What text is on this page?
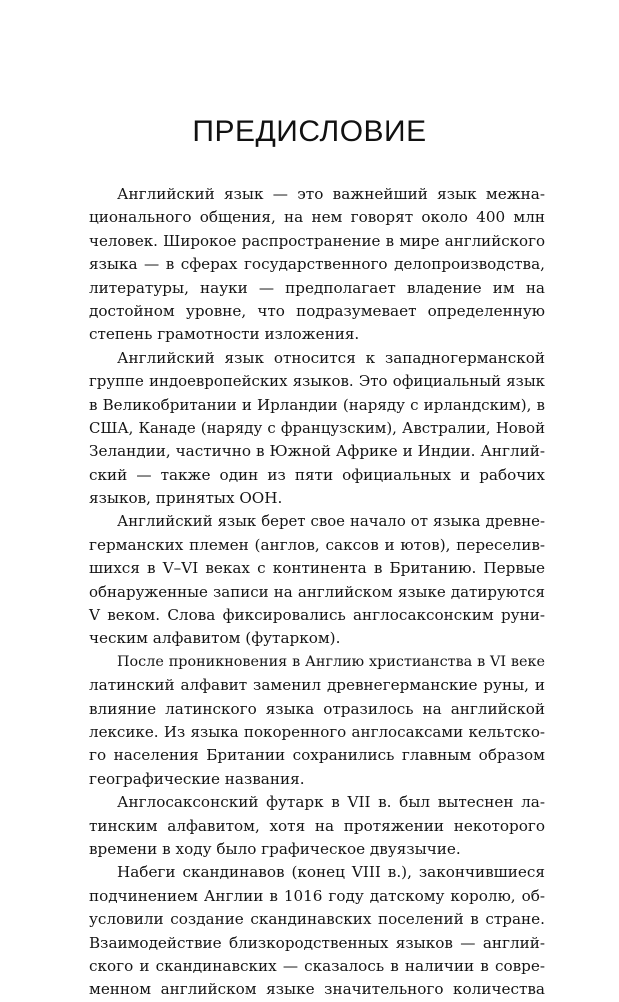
ПРЕДИСЛОВИЕ
Английский язык — это важнейший язык межна-
ционального общения, на нем говорят около 400 млн
человек. Широкое распространение в мире английского
языка — в сферах государственного делопроизводства,
литературы, науки — предполагает владение им на
достойном уровне, что подразумевает определенную
степень грамотности изложения.
Английский язык относится к западногерманской
группе индоевропейских языков. Это официальный язык
в Великобритании и Ирландии (наряду с ирландским), в
США, Канаде (наряду с французским), Австралии, Новой
Зеландии, частично в Южной Африке и Индии. Англий-
ский — также один из пяти официальных и рабочих
языков, принятых ООН.
Английский язык берет свое начало от языка древне-
германских племен (англов, саксов и ютов), переселив-
шихся в V–VI веках с континента в Британию. Первые
обнаруженные записи на английском языке датируются
V веком. Слова фиксировались англосаксонским руни-
ческим алфавитом (футарком).
После проникновения в Англию христианства в VI веке
латинский алфавит заменил древнегерманские руны, и
влияние латинского языка отразилось на английской
лексике. Из языка покоренного англосаксами кельтско-
го населения Британии сохранились главным образом
географические названия.
Англосаксонский футарк в VII в. был вытеснен ла-
тинским алфавитом, хотя на протяжении некоторого
времени в ходу было графическое двуязычие.
Набеги скандинавов (конец VIII в.), закончившиеся
подчинением Англии в 1016 году датскому королю, об-
условили создание скандинавских поселений в стране.
Взаимодействие близкородственных языков — англий-
ского и скандинавских — сказалось в наличии в совре-
менном английском языке значительного количества
